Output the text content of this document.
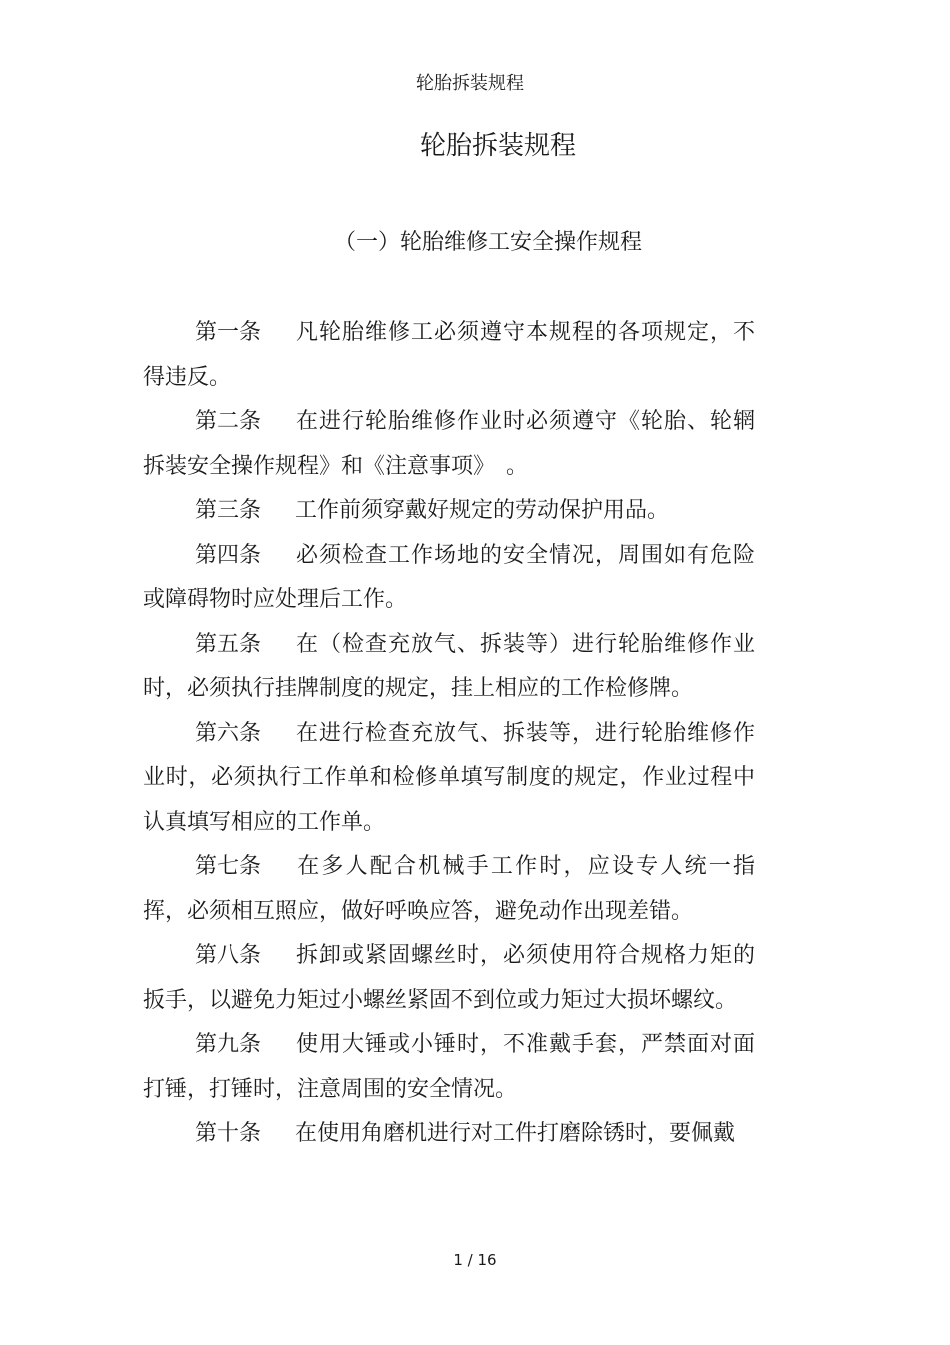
轮胎拆装规程
轮胎拆装规程
（一）轮胎维修工安全操作规程

第一条 凡轮胎维修工必须遵守本规程的各项规定，不得违反。

第二条 在进行轮胎维修作业时必须遵守《轮胎、轮辋拆装安全操作规程》和《注意事项》　。

第三条 工作前须穿戴好规定的劳动保护用品。

第四条 必须检查工作场地的安全情况，周围如有危险或障碍物时应处理后工作。

第五条 在（检查充放气、拆装等）进行轮胎维修作业时，必须执行挂牌制度的规定，挂上相应的工作检修牌。

第六条 在进行检查充放气、拆装等，进行轮胎维修作业时，必须执行工作单和检修单填写制度的规定，作业过程中认真填写相应的工作单。

第七条 在多人配合机械手工作时，应设专人统一指挥，必须相互照应，做好呼唤应答，避免动作出现差错。

第八条 拆卸或紧固螺丝时，必须使用符合规格力矩的扳手，以避免力矩过小螺丝紧固不到位或力矩过大损坏螺纹。

第九条 使用大锤或小锤时，不准戴手套，严禁面对面打锤，打锤时，注意周围的安全情况。

第十条 在使用角磨机进行对工件打磨除锈时，要佩戴

1 / 16
